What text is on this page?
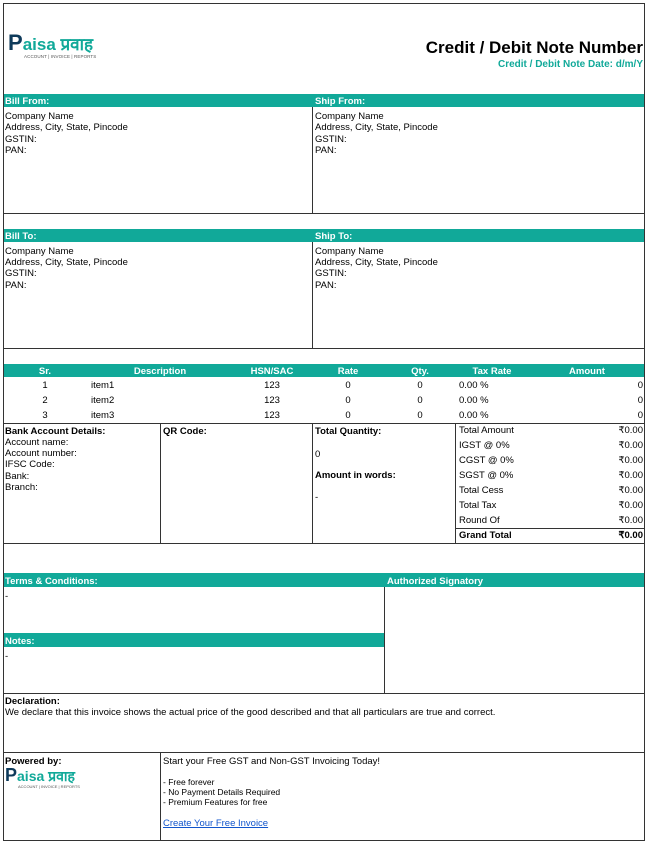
Paisa प्रवाह
ACCOUNT | INVOICE | REPORTS	Credit / Debit Note Number
Credit / Debit Note Date: d/m/Y
Bill From:	Ship From:
Company Name
Address, City, State, Pincode
GSTIN:
PAN:
Company Name
Address, City, State, Pincode
GSTIN:
PAN:
Bill To:	Ship To:
Company Name
Address, City, State, Pincode
GSTIN:
PAN:
Company Name
Address, City, State, Pincode
GSTIN:
PAN:
Sr.	Description	HSN/SAC	Rate	Qty.	Tax Rate	Amount
1	item1	123	0	0	0.00 %	0
2	item2	123	0	0	0.00 %	0
3	item3	123	0	0	0.00 %	0
Bank Account Details:
Account name:
Account number:
IFSC Code:
Bank:
Branch:
QR Code:	Total Quantity:
0
Amount in words:
-
Total Amount	₹0.00
IGST @ 0%	₹0.00
CGST @ 0%	₹0.00
SGST @ 0%	₹0.00
Total Cess	₹0.00
Total Tax	₹0.00
Round Of	₹0.00
Grand Total	₹0.00
Terms & Conditions:	Authorized Signatory
-
Notes:
-
Declaration:
We declare that this invoice shows the actual price of the good described and that all particulars are true and correct.
Powered by:
Paisa प्रवाह
ACCOUNT | INVOICE | REPORTS
Start your Free GST and Non-GST Invoicing Today!
- Free forever
- No Payment Details Required
- Premium Features for free
Create Your Free Invoice
